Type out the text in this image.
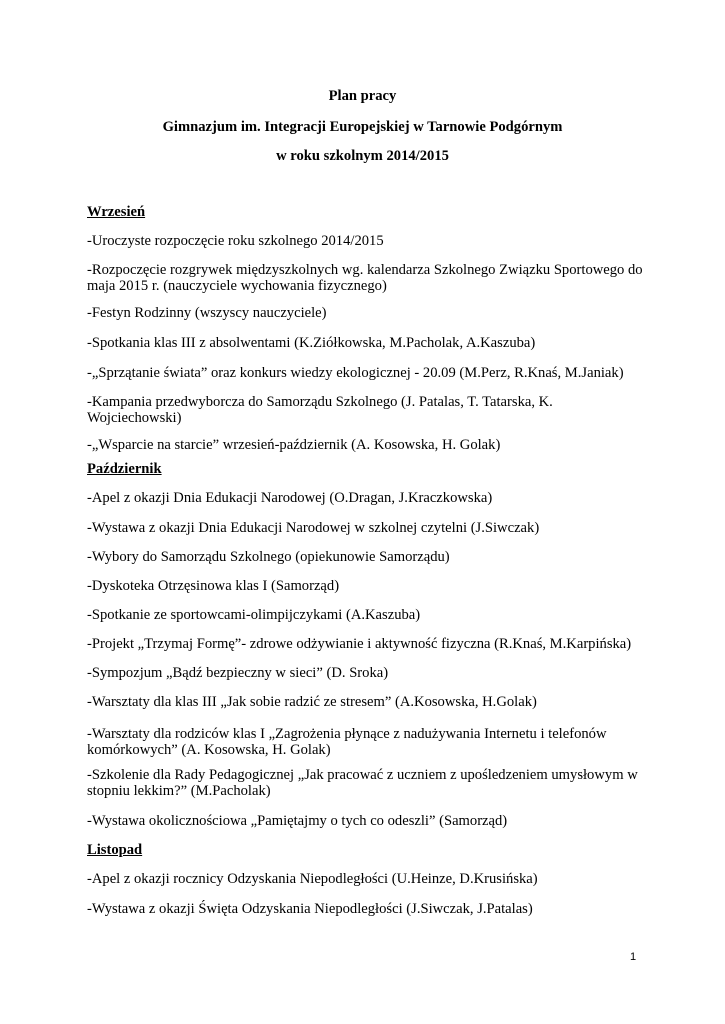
Plan pracy
Gimnazjum im. Integracji Europejskiej w Tarnowie Podgórnym
w roku szkolnym 2014/2015
Wrzesień
-Uroczyste rozpoczęcie roku szkolnego 2014/2015
-Rozpoczęcie rozgrywek międzyszkolnych wg. kalendarza Szkolnego Związku Sportowego do maja 2015 r. (nauczyciele wychowania fizycznego)
-Festyn Rodzinny (wszyscy nauczyciele)
-Spotkania klas III z absolwentami (K.Ziółkowska, M.Pacholak, A.Kaszuba)
-„Sprzątanie świata” oraz konkurs wiedzy ekologicznej - 20.09 (M.Perz, R.Knaś, M.Janiak)
-Kampania przedwyborcza do Samorządu Szkolnego (J. Patalas, T. Tatarska, K. Wojciechowski)
-„Wsparcie na starcie” wrzesień-październik (A. Kosowska, H. Golak)
Październik
-Apel z okazji Dnia Edukacji Narodowej (O.Dragan, J.Kraczkowska)
-Wystawa z okazji Dnia Edukacji Narodowej w szkolnej czytelni (J.Siwczak)
-Wybory do Samorządu Szkolnego (opiekunowie Samorządu)
-Dyskoteka Otrzęsinowa klas I (Samorząd)
-Spotkanie ze sportowcami-olimpijczykami (A.Kaszuba)
-Projekt „Trzymaj Formę”- zdrowe odżywianie i aktywność fizyczna (R.Knaś, M.Karpińska)
-Sympozjum „Bądź bezpieczny w sieci” (D. Sroka)
-Warsztaty dla klas III „Jak sobie radzić ze stresem” (A.Kosowska, H.Golak)
-Warsztaty dla rodziców klas I „Zagrożenia płynące z nadużywania Internetu i telefonów komórkowych” (A. Kosowska, H. Golak)
-Szkolenie dla Rady Pedagogicznej „Jak pracować z uczniem z upośledzeniem umysłowym w stopniu lekkim?” (M.Pacholak)
-Wystawa okolicznościowa „Pamiętajmy o tych co odeszli” (Samorząd)
Listopad
-Apel z okazji rocznicy Odzyskania Niepodległości (U.Heinze, D.Krusińska)
-Wystawa z okazji Święta Odzyskania Niepodległości (J.Siwczak, J.Patalas)
1
